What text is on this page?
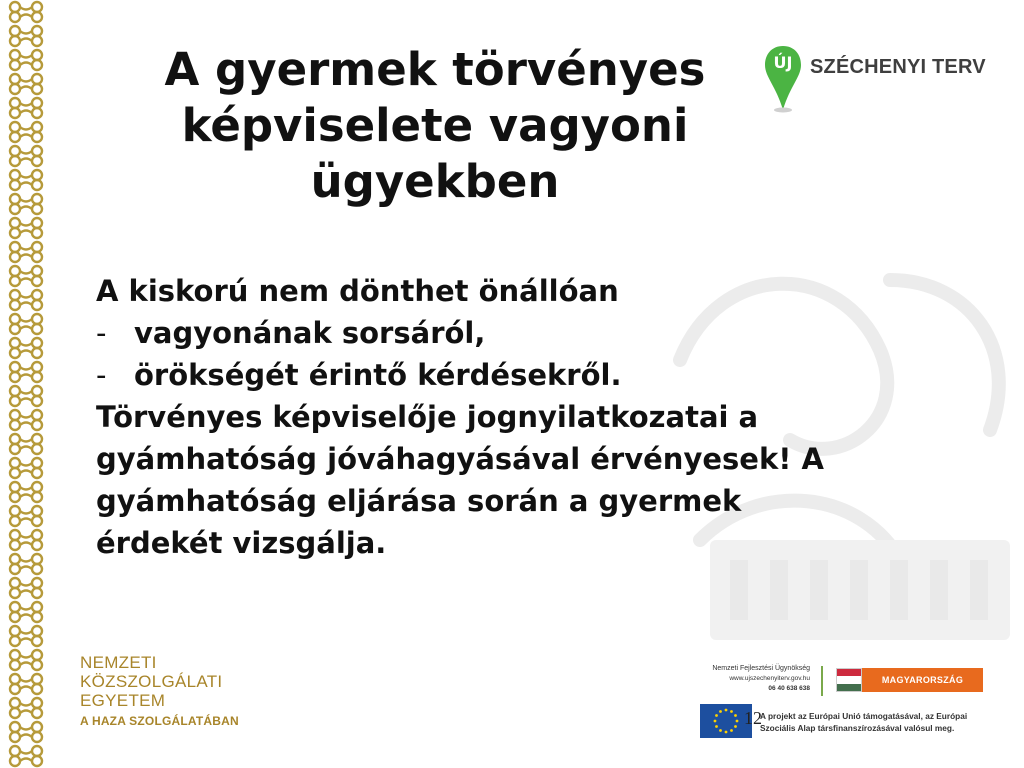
A gyermek törvényes
képviselete vagyoni
ügyekben
ÚJ SZÉCHENYI TERV

A kiskorú nem dönthet önállóan

- vagyonának sorsáról,
- örökségét érintő kérdésekről.

Törvényes képviselője jognyilatkozatai a

gyámhatóság jóváhagyásával érvényesek! A

gyámhatóság eljárása során a gyermek

érdekét vizsgálja.

NEMZETI
KÖZSZOLGÁLATI
EGYETEM
A HAZA SZOLGÁLATÁBAN
Nemzeti Fejlesztési Ügynökség
www.ujszechenyiterv.gov.hu
06 40 638 638
MAGYARORSZÁG MEGÚJUL
12
A projekt az Európai Unió támogatásával, az Európai
Szociális Alap társfinanszírozásával valósul meg.
